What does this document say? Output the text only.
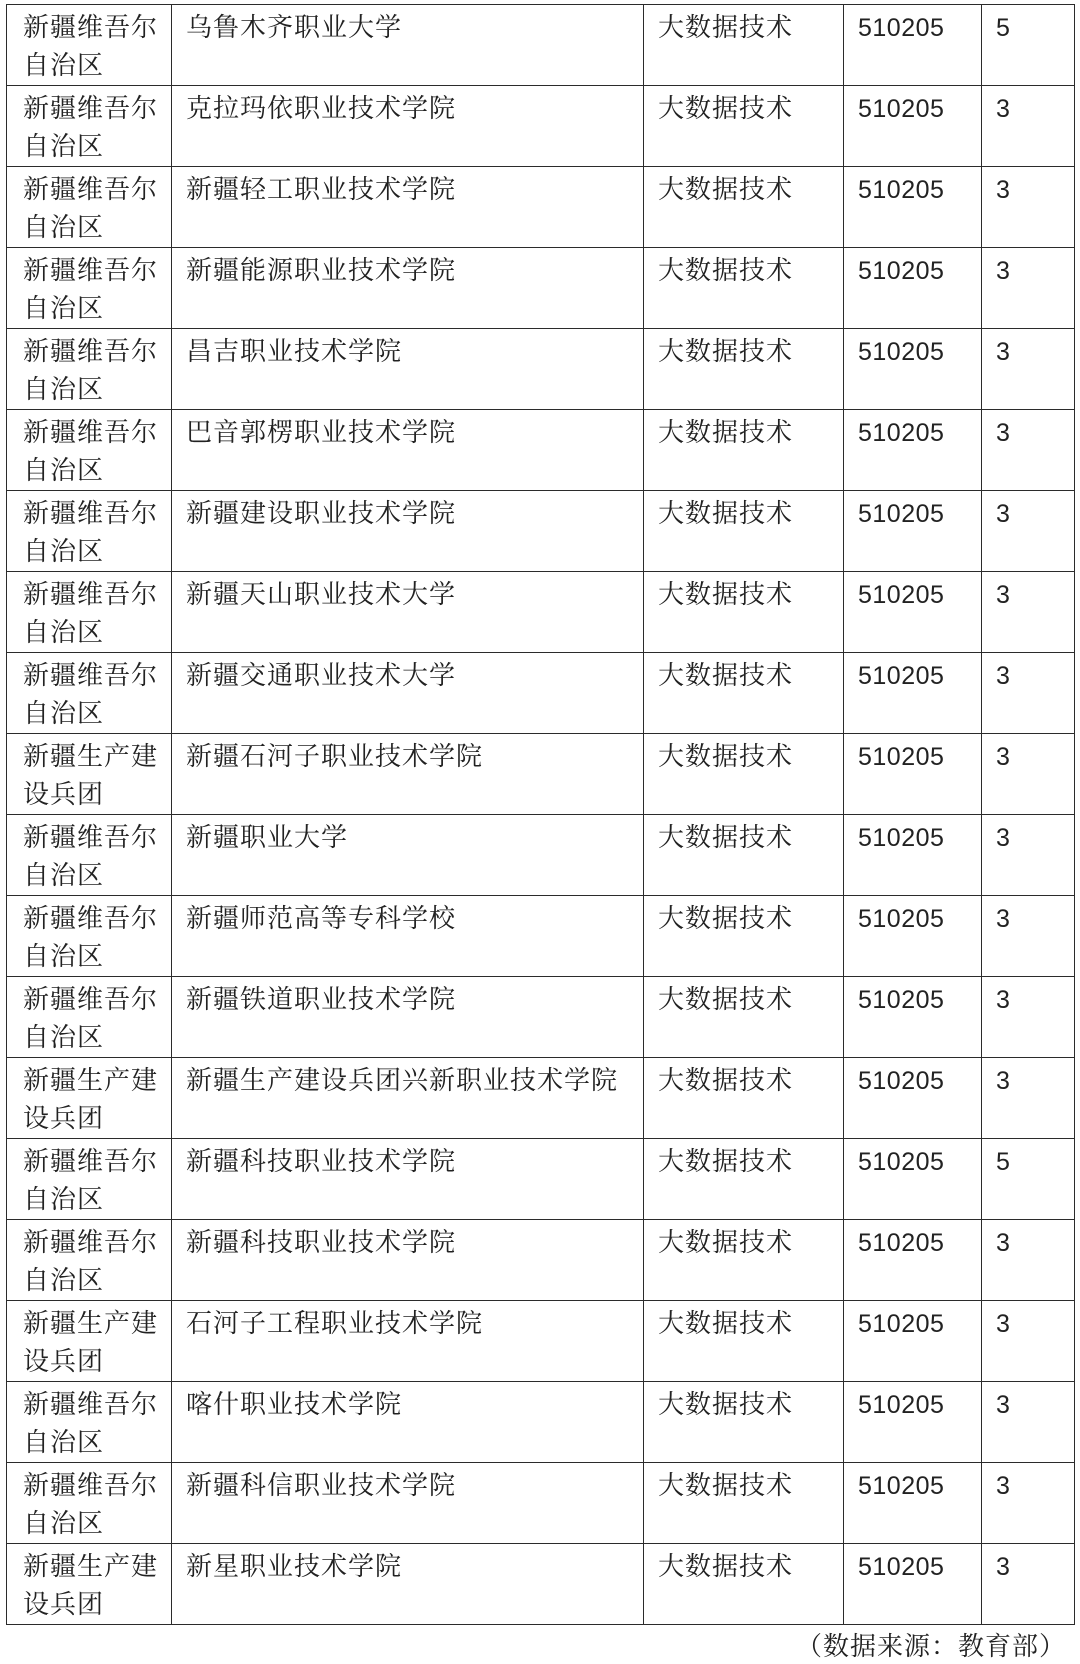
新疆维吾尔自治区	乌鲁木齐职业大学	大数据技术	510205	5
新疆维吾尔自治区	克拉玛依职业技术学院	大数据技术	510205	3
新疆维吾尔自治区	新疆轻工职业技术学院	大数据技术	510205	3
新疆维吾尔自治区	新疆能源职业技术学院	大数据技术	510205	3
新疆维吾尔自治区	昌吉职业技术学院	大数据技术	510205	3
新疆维吾尔自治区	巴音郭楞职业技术学院	大数据技术	510205	3
新疆维吾尔自治区	新疆建设职业技术学院	大数据技术	510205	3
新疆维吾尔自治区	新疆天山职业技术大学	大数据技术	510205	3
新疆维吾尔自治区	新疆交通职业技术大学	大数据技术	510205	3
新疆生产建设兵团	新疆石河子职业技术学院	大数据技术	510205	3
新疆维吾尔自治区	新疆职业大学	大数据技术	510205	3
新疆维吾尔自治区	新疆师范高等专科学校	大数据技术	510205	3
新疆维吾尔自治区	新疆铁道职业技术学院	大数据技术	510205	3
新疆生产建设兵团	新疆生产建设兵团兴新职业技术学院	大数据技术	510205	3
新疆维吾尔自治区	新疆科技职业技术学院	大数据技术	510205	5
新疆维吾尔自治区	新疆科技职业技术学院	大数据技术	510205	3
新疆生产建设兵团	石河子工程职业技术学院	大数据技术	510205	3
新疆维吾尔自治区	喀什职业技术学院	大数据技术	510205	3
新疆维吾尔自治区	新疆科信职业技术学院	大数据技术	510205	3
新疆生产建设兵团	新星职业技术学院	大数据技术	510205	3
（数据来源：教育部）
